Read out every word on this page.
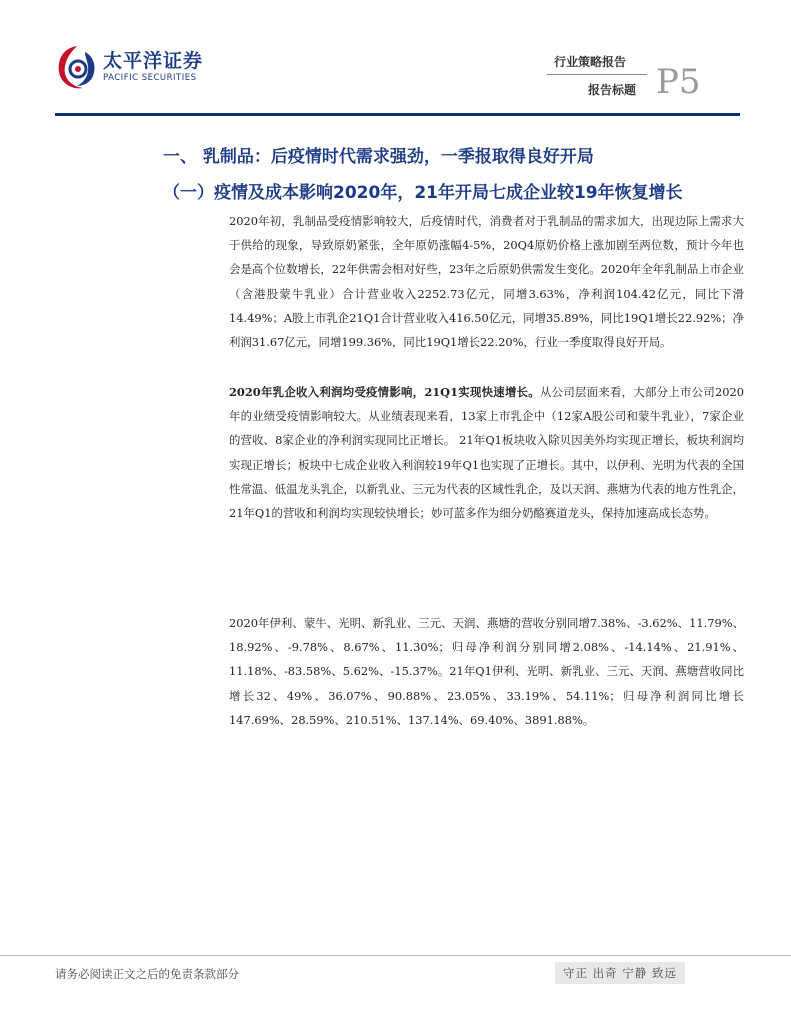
太平洋证券
PACIFIC SECURITIES
行业策略报告
报告标题 P5
一、 乳制品：后疫情时代需求强劲，一季报取得良好开局
（一）疫情及成本影响2020年，21年开局七成企业较19年恢复增长
2020年初，乳制品受疫情影响较大，后疫情时代，消费者对于乳制品的需求加大，出现边际上需求大于供给的现象，导致原奶紧张，全年原奶涨幅4-5%，20Q4原奶价格上涨加剧至两位数，预计今年也会是高个位数增长，22年供需会相对好些，23年之后原奶供需发生变化。2020年全年乳制品上市企业（含港股蒙牛乳业）合计营业收入2252.73亿元，同增3.63%，净利润104.42亿元，同比下滑14.49%；A股上市乳企21Q1合计营业收入416.50亿元，同增35.89%，同比19Q1增长22.92%；净利润31.67亿元，同增199.36%，同比19Q1增长22.20%，行业一季度取得良好开局。
2020年乳企收入利润均受疫情影响，21Q1实现快速增长。从公司层面来看，大部分上市公司2020年的业绩受疫情影响较大。从业绩表现来看，13家上市乳企中（12家A股公司和蒙牛乳业），7家企业的营收、8家企业的净利润实现同比正增长。 21年Q1板块收入除贝因美外均实现正增长，板块利润均实现正增长；板块中七成企业收入利润较19年Q1也实现了正增长。其中，以伊利、光明为代表的全国性常温、低温龙头乳企，以新乳业、三元为代表的区域性乳企，及以天润、燕塘为代表的地方性乳企，21年Q1的营收和利润均实现较快增长；妙可蓝多作为细分奶酪赛道龙头，保持加速高成长态势。
2020年伊利、蒙牛、光明、新乳业、三元、天润、燕塘的营收分别同增7.38%、-3.62%、11.79%、18.92%、-9.78%、8.67%、11.30%；归母净利润分别同增2.08%、-14.14%、21.91%、11.18%、-83.58%、5.62%、-15.37%。21年Q1伊利、光明、新乳业、三元、天润、燕塘营收同比增长32、49%、36.07%、90.88%、23.05%、33.19%、54.11%；归母净利润同比增长147.69%、28.59%、210.51%、137.14%、69.40%、3891.88%。
请务必阅读正文之后的免责条款部分	守正 出奇 宁静 致远
